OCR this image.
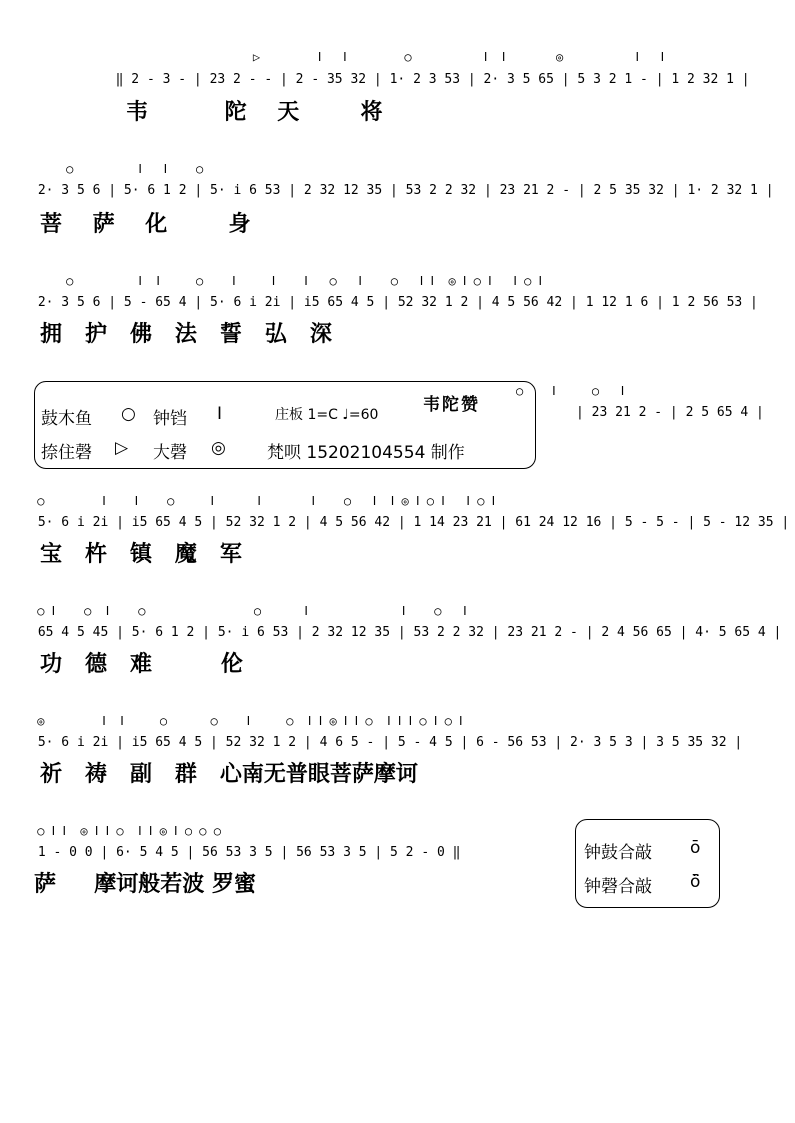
▷        Ⅰ   Ⅰ        ○          Ⅰ  Ⅰ       ◎          Ⅰ   Ⅰ
‖ 2 - 3 - | 23 2 - - | 2 - 35 32 | 1· 2 3 53 | 2· 3 5 65 | 5 3 2 1 - | 1 2 32 1 |
韦          陀    天        将
○         Ⅰ   Ⅰ    ○
2· 3 5 6 | 5· 6 1 2 | 5· i 6 53 | 2 32 12 35 | 53 2 2 32 | 23 21 2 - | 2 5 35 32 | 1· 2 32 1 |
菩    萨    化        身
○         Ⅰ  Ⅰ     ○    Ⅰ     Ⅰ    Ⅰ   ○   Ⅰ    ○   Ⅰ Ⅰ  ◎ Ⅰ ○ Ⅰ   Ⅰ ○ Ⅰ
2· 3 5 6 | 5 - 65 4 | 5· 6 i 2i | i5 65 4 5 | 52 32 1 2 | 4 5 56 42 | 1 12 1 6 | 1 2 56 53 |
拥   护   佛   法   誓   弘   深
鼓木鱼 ○ 钟铛 Ⅰ	庄板 1=C ♩=60	韦陀赞
捺住磬 ▷ 大磬 ◎ 梵呗 15202104554 制作
○    Ⅰ     ○   Ⅰ
| 23 21 2 - | 2 5 65 4 |
○        Ⅰ    Ⅰ    ○     Ⅰ      Ⅰ       Ⅰ    ○   Ⅰ  Ⅰ ◎ Ⅰ ○ Ⅰ   Ⅰ ○ Ⅰ
5· 6 i 2i | i5 65 4 5 | 52 32 1 2 | 4 5 56 42 | 1 14 23 21 | 61 24 12 16 | 5 - 5 - | 5 - 12 35 |
宝   杵   镇   魔   军
○ Ⅰ    ○  Ⅰ    ○               ○      Ⅰ             Ⅰ    ○   Ⅰ
65 4 5 45 | 5· 6 1 2 | 5· i 6 53 | 2 32 12 35 | 53 2 2 32 | 23 21 2 - | 2 4 56 65 | 4· 5 65 4 |
功   德   难         伦
◎        Ⅰ  Ⅰ     ○      ○    Ⅰ     ○  Ⅰ Ⅰ ◎ Ⅰ Ⅰ ○  Ⅰ Ⅰ Ⅰ ○ Ⅰ ○ Ⅰ
5· 6 i 2i | i5 65 4 5 | 52 32 1 2 | 4 6 5 - | 5 - 4 5 | 6 - 56 53 | 2· 3 5 3 | 3 5 35 32 |
祈   祷   副   群   心南无普眼菩萨摩诃
○ Ⅰ Ⅰ  ◎ Ⅰ Ⅰ ○  Ⅰ Ⅰ ◎ Ⅰ ○ ○ ○
1 - 0 0 | 6· 5 4 5 | 56 53 3 5 | 56 53 3 5 | 5 2 - 0 ‖
萨     摩诃般若波 罗蜜
钟鼓合敲 ō
钟磬合敲 ō̈
